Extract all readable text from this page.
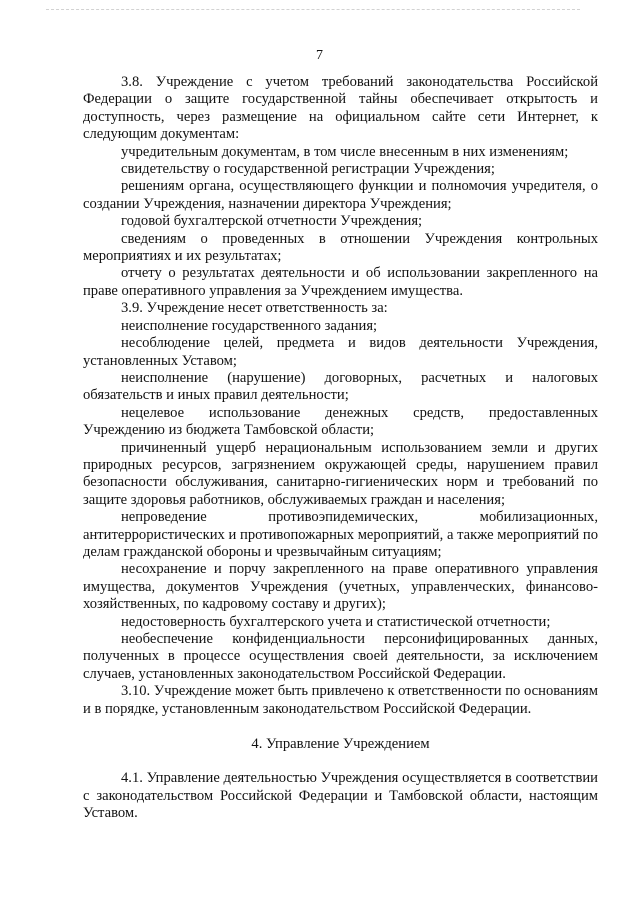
7

3.8. Учреждение с учетом требований законодательства Российской Федерации о защите государственной тайны обеспечивает открытость и доступность, через размещение на официальном сайте сети Интернет, к следующим документам:

учредительным документам, в том числе внесенным в них изменениям;

свидетельству о государственной регистрации Учреждения;

решениям органа, осуществляющего функции и полномочия учредителя, о создании Учреждения, назначении директора Учреждения;

годовой бухгалтерской отчетности Учреждения;

сведениям о проведенных в отношении Учреждения контрольных мероприятиях и их результатах;

отчету о результатах деятельности и об использовании закрепленного на праве оперативного управления за Учреждением имущества.

3.9. Учреждение несет ответственность за:

неисполнение государственного задания;

несоблюдение целей, предмета и видов деятельности Учреждения, установленных Уставом;

неисполнение (нарушение) договорных, расчетных и налоговых обязательств и иных правил деятельности;

нецелевое использование денежных средств, предоставленных Учреждению из бюджета Тамбовской области;

причиненный ущерб нерациональным использованием земли и других природных ресурсов, загрязнением окружающей среды, нарушением правил безопасности обслуживания, санитарно-гигиенических норм и требований по защите здоровья работников, обслуживаемых граждан и населения;

непроведение противоэпидемических, мобилизационных, антитеррористических и противопожарных мероприятий, а также мероприятий по делам гражданской обороны и чрезвычайным ситуациям;

несохранение и порчу закрепленного на праве оперативного управления имущества, документов Учреждения (учетных, управленческих, финансово-хозяйственных, по кадровому составу и других);

недостоверность бухгалтерского учета и статистической отчетности;

необеспечение конфиденциальности персонифицированных данных, полученных в процессе осуществления своей деятельности, за исключением случаев, установленных законодательством Российской Федерации.

3.10. Учреждение может быть привлечено к ответственности по основаниям и в порядке, установленным законодательством Российской Федерации.

4. Управление Учреждением

4.1. Управление деятельностью Учреждения осуществляется в соответствии с законодательством Российской Федерации и Тамбовской области, настоящим Уставом.
